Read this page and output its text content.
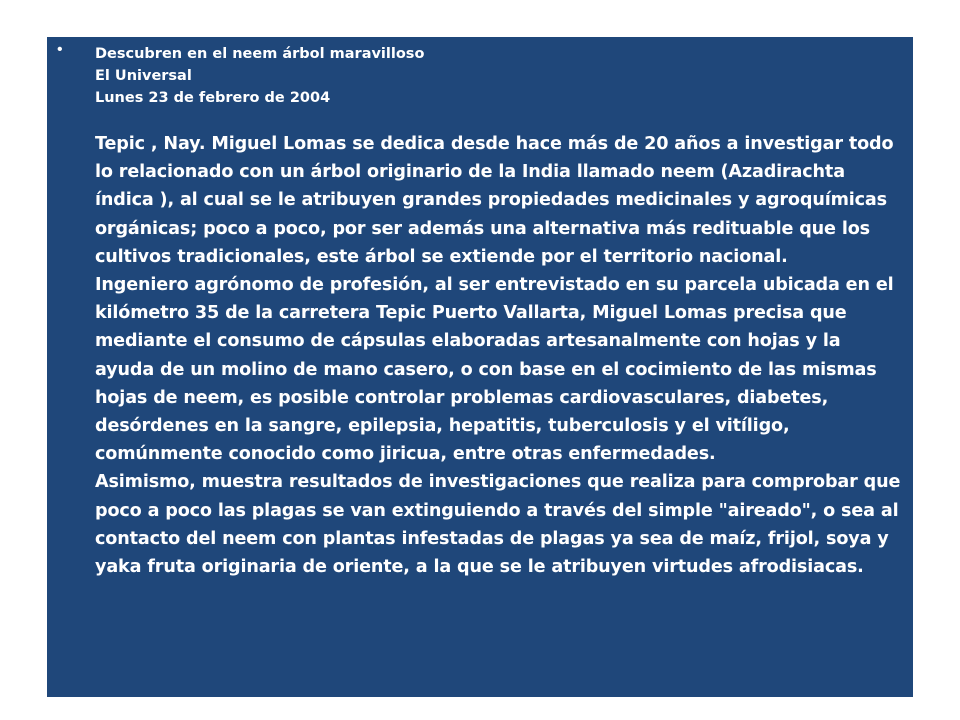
• Descubren en el neem árbol maravilloso

El Universal

Lunes 23 de febrero de 2004

Tepic , Nay. Miguel Lomas se dedica desde hace más de 20 años a investigar todo

lo relacionado con un árbol originario de la India llamado neem (Azadirachta

índica ), al cual se le atribuyen grandes propiedades medicinales y agroquímicas

orgánicas; poco a poco, por ser además una alternativa más redituable que los

cultivos tradicionales, este árbol se extiende por el territorio nacional.

Ingeniero agrónomo de profesión, al ser entrevistado en su parcela ubicada en el

kilómetro 35 de la carretera Tepic Puerto Vallarta, Miguel Lomas precisa que

mediante el consumo de cápsulas elaboradas artesanalmente con hojas y la

ayuda de un molino de mano casero, o con base en el cocimiento de las mismas

hojas de neem, es posible controlar problemas cardiovasculares, diabetes,

desórdenes en la sangre, epilepsia, hepatitis, tuberculosis y el vitíligo,

comúnmente conocido como jiricua, entre otras enfermedades.

Asimismo, muestra resultados de investigaciones que realiza para comprobar que

poco a poco las plagas se van extinguiendo a través del simple "aireado", o sea al

contacto del neem con plantas infestadas de plagas ya sea de maíz, frijol, soya y

yaka fruta originaria de oriente, a la que se le atribuyen virtudes afrodisiacas.
